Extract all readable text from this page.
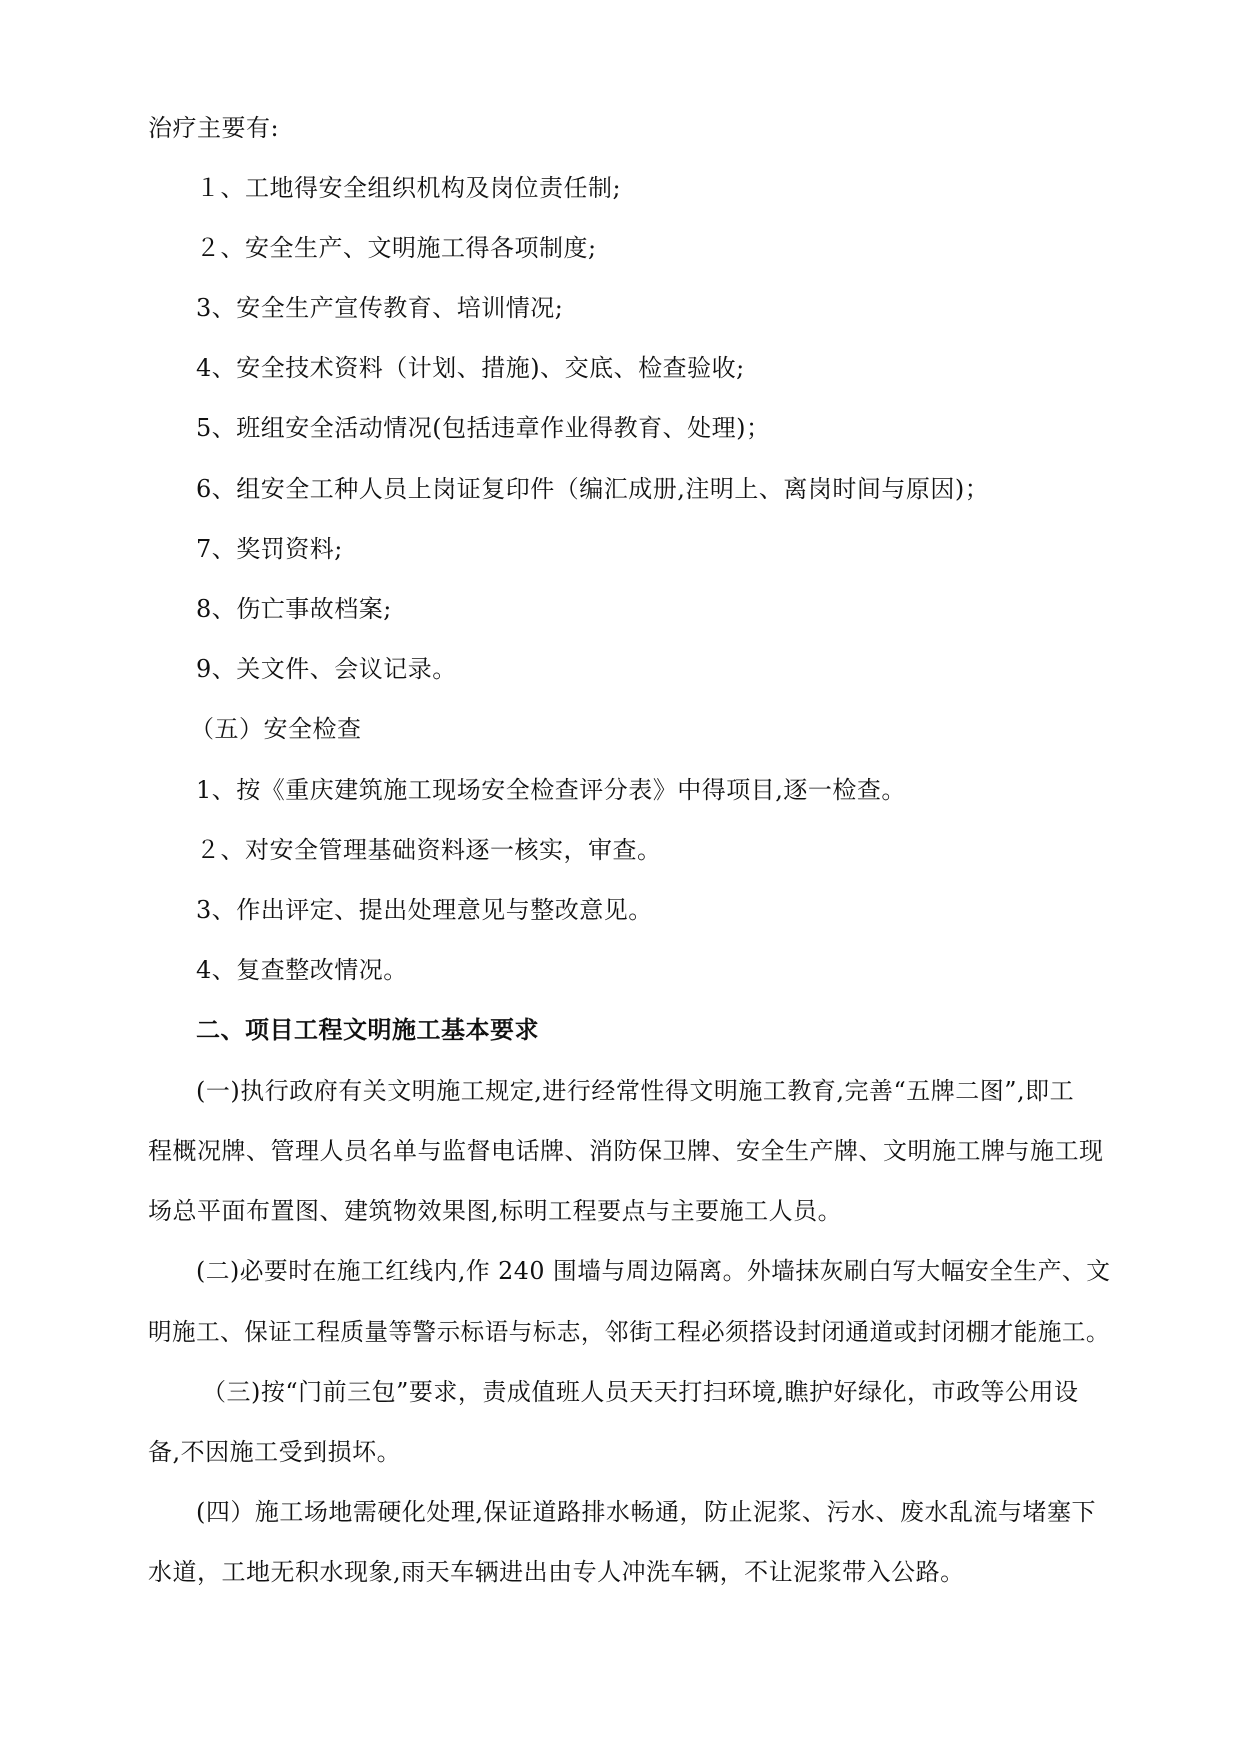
治疗主要有:
１、工地得安全组织机构及岗位责任制;
２、安全生产、文明施工得各项制度;
3、安全生产宣传教育、培训情况;
4、安全技术资料（计划、措施)、交底、检查验收;
5、班组安全活动情况(包括违章作业得教育、处理)；
6、组安全工种人员上岗证复印件（编汇成册,注明上、离岗时间与原因)；
7、奖罚资料;
8、伤亡事故档案;
9、关文件、会议记录。
（五）安全检查
1、按《重庆建筑施工现场安全检查评分表》中得项目,逐一检查。
２、对安全管理基础资料逐一核实，审查。
3、作出评定、提出处理意见与整改意见。
4、复查整改情况。
二、项目工程文明施工基本要求
(一)执行政府有关文明施工规定,进行经常性得文明施工教育,完善“五牌二图”,即工
程概况牌、管理人员名单与监督电话牌、消防保卫牌、安全生产牌、文明施工牌与施工现
场总平面布置图、建筑物效果图,标明工程要点与主要施工人员。
(二)必要时在施工红线内,作 240 围墙与周边隔离。外墙抹灰刷白写大幅安全生产、文
明施工、保证工程质量等警示标语与标志，邻街工程必须搭设封闭通道或封闭棚才能施工。
（三)按“门前三包”要求，责成值班人员天天打扫环境,瞧护好绿化，市政等公用设
备,不因施工受到损坏。
(四）施工场地需硬化处理,保证道路排水畅通，防止泥浆、污水、废水乱流与堵塞下
水道，工地无积水现象,雨天车辆进出由专人冲洗车辆，不让泥浆带入公路。
